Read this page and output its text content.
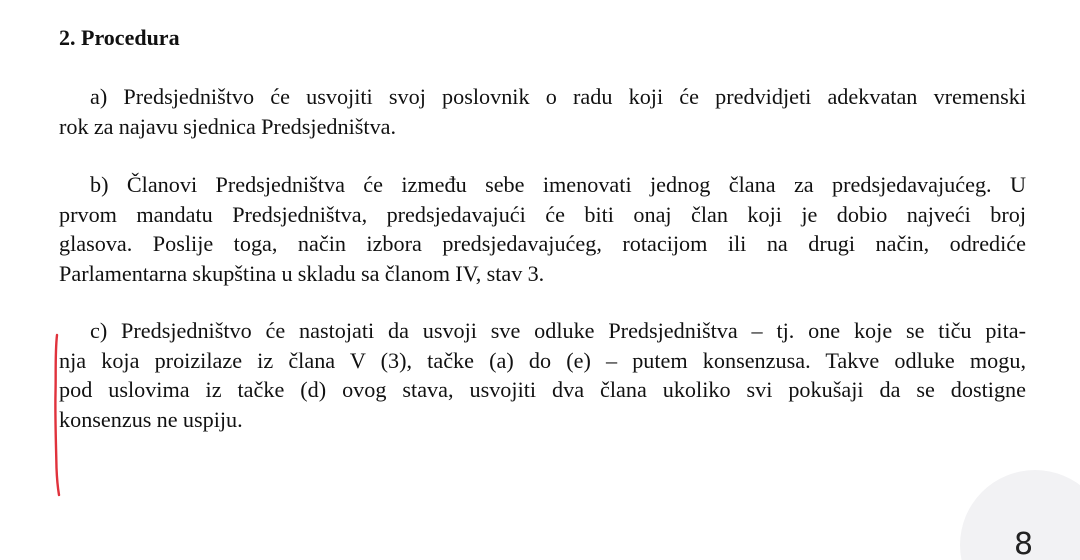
2. Procedura

a) Predsjedništvo će usvojiti svoj poslovnik o radu koji će predvidjeti adekvatan vremenski
rok za najavu sjednica Predsjedništva.

b) Članovi Predsjedništva će između sebe imenovati jednog člana za predsjedavajućeg. U
prvom mandatu Predsjedništva, predsjedavajući će biti onaj član koji je dobio najveći broj
glasova. Poslije toga, način izbora predsjedavajućeg, rotacijom ili na drugi način, odrediće
Parlamentarna skupština u skladu sa članom IV, stav 3.

c) Predsjedništvo će nastojati da usvoji sve odluke Predsjedništva – tj. one koje se tiču pita-
nja koja proizilaze iz člana V (3), tačke (a) do (e) – putem konsenzusa. Takve odluke mogu,
pod uslovima iz tačke (d) ovog stava, usvojiti dva člana ukoliko svi pokušaji da se dostigne
konsenzus ne uspiju.

8
